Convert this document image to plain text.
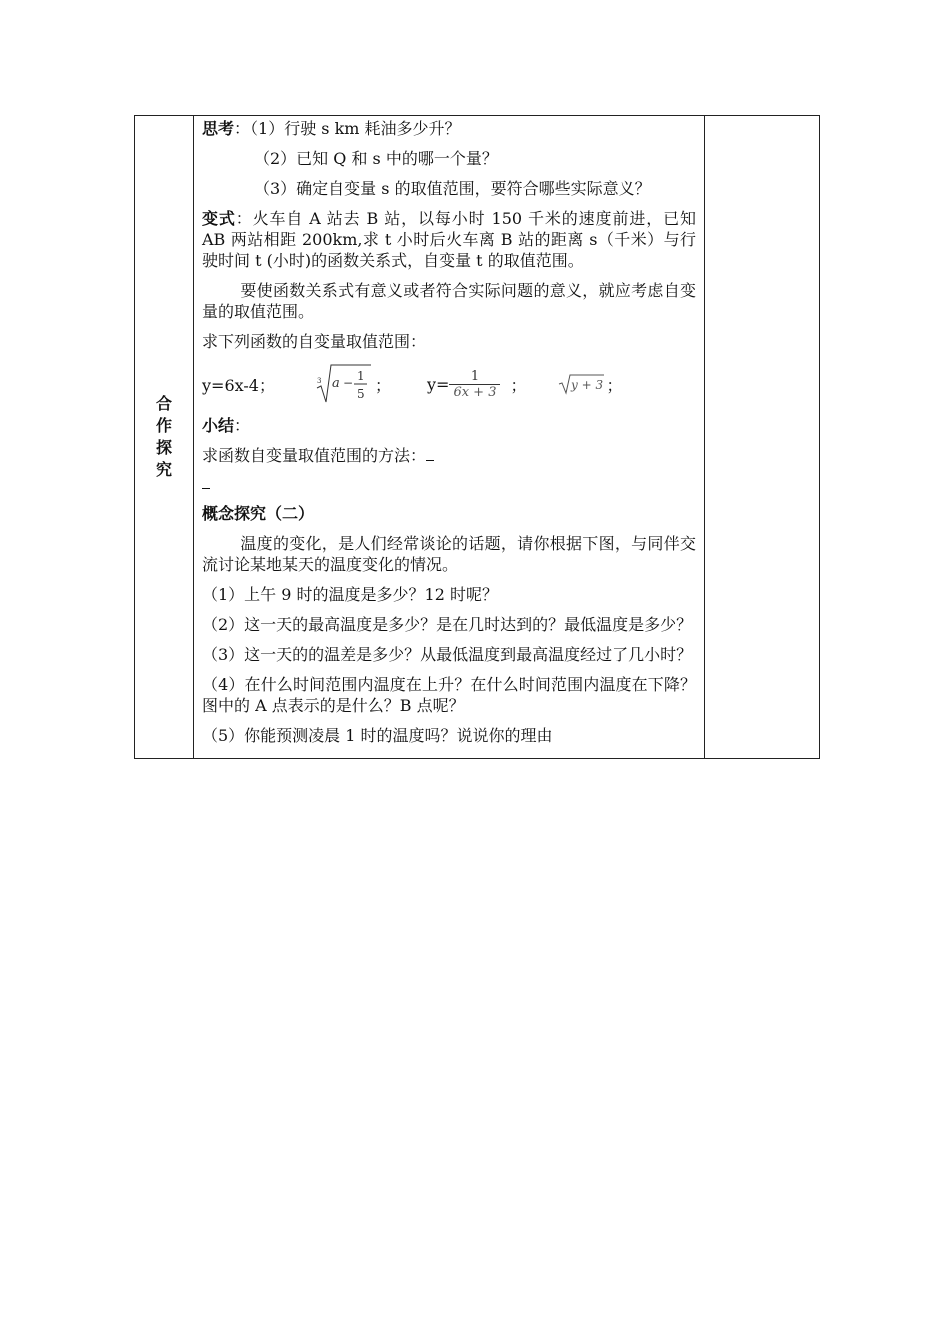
合作探究	

思考：（1）行驶 s km 耗油多少升？

（2）已知 Q 和 s 中的哪一个量？

（3）确定自变量 s 的取值范围，要符合哪些实际意义？

变式：火车自 A 站去 B 站，以每小时 150 千米的速度前进，已知 AB 两站相距 200km,求 t 小时后火车离 B 站的距离 s（千米）与行驶时间 t (小时)的函数关系式，自变量 t 的取值范围。

要使函数关系式有意义或者符合实际问题的意义，就应考虑自变量的取值范围。

求下列函数的自变量取值范围：

y=6x-4；	3 a − 1
5 ； $y= \frac{1}{6x + 3}$ ；	y + 3 ；

小结：

求函数自变量取值范围的方法：

概念探究（二）

温度的变化，是人们经常谈论的话题，请你根据下图，与同伴交流讨论某地某天的温度变化的情况。

（1）上午 9 时的温度是多少？12 时呢？

（2）这一天的最高温度是多少？是在几时达到的？最低温度是多少？

（3）这一天的的温差是多少？从最低温度到最高温度经过了几小时？

（4）在什么时间范围内温度在上升？在什么时间范围内温度在下降？　 图中的 A 点表示的是什么？B 点呢？

（5）你能预测凌晨 1 时的温度吗？说说你的理由
